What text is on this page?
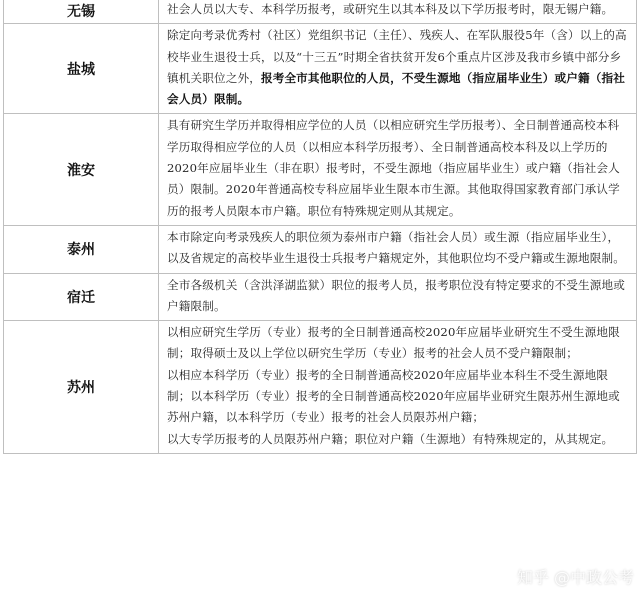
无锡	社会人员以大专、本科学历报考，或研究生以其本科及以下学历报考时，限无锡户籍。
盐城	除定向考录优秀村（社区）党组织书记（主任）、残疾人、在军队服役5年（含）以上的高校毕业生退役士兵，以及“十三五”时期全省扶贫开发6个重点片区涉及我市乡镇中部分乡镇机关职位之外，报考全市其他职位的人员，不受生源地（指应届毕业生）或户籍（指社会人员）限制。
淮安	具有研究生学历并取得相应学位的人员（以相应研究生学历报考）、全日制普通高校本科学历取得相应学位的人员（以相应本科学历报考）、全日制普通高校本科及以上学历的2020年应届毕业生（非在职）报考时，不受生源地（指应届毕业生）或户籍（指社会人员）限制。2020年普通高校专科应届毕业生限本市生源。其他取得国家教育部门承认学历的报考人员限本市户籍。职位有特殊规定则从其规定。
泰州	本市除定向考录残疾人的职位须为泰州市户籍（指社会人员）或生源（指应届毕业生），以及省规定的高校毕业生退役士兵报考户籍规定外，其他职位均不受户籍或生源地限制。
宿迁	全市各级机关（含洪泽湖监狱）职位的报考人员，报考职位没有特定要求的不受生源地或户籍限制。
苏州	以相应研究生学历（专业）报考的全日制普通高校2020年应届毕业研究生不受生源地限制；取得硕士及以上学位以研究生学历（专业）报考的社会人员不受户籍限制；
以相应本科学历（专业）报考的全日制普通高校2020年应届毕业本科生不受生源地限制；以本科学历（专业）报考的全日制普通高校2020年应届毕业研究生限苏州生源地或苏州户籍，以本科学历（专业）报考的社会人员限苏州户籍；
以大专学历报考的人员限苏州户籍；职位对户籍（生源地）有特殊规定的，从其规定。
知乎 @中政公考
